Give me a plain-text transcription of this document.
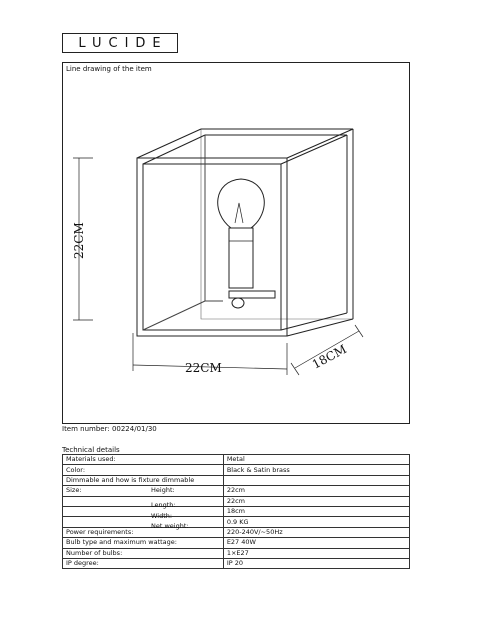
LUCIDE
Line drawing of the item
22CM
22CM	18CM
Item number: 00224/01/30
Technical details
Materials used:	Metal
Color:	Black & Satin brass
Dimmable and how is fixture dimmable	

Size: Height:	22cm

Length:	22cm

Width:	18cm

Net weight:	0.9 KG
Power requirements:	220-240V/~50Hz
Bulb type and maximum wattage:	E27 40W
Number of bulbs:	1×E27
IP degree:	IP 20
